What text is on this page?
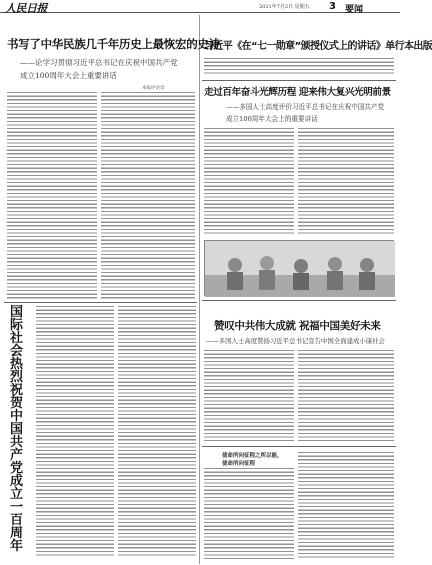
人民日报	2021年7月2日 星期五 3 要闻
书写了中华民族几千年历史上最恢宏的史诗
——论学习贯彻习近平总书记在庆祝中国共产党
成立100周年大会上重要讲话
本报评论员
国
际
社
会
热
烈
祝
贺
中
国
共
产
党
成
立
一
百
周
年
习近平《在“七一勋章”颁授仪式上的讲话》单行本出版
走过百年奋斗光辉历程 迎来伟大复兴光明前景
——多国人士高度评价习近平总书记在庆祝中国共产党
成立100周年大会上的重要讲话
赞叹中共伟大成就 祝福中国美好未来
——多国人士高度赞扬习近平总书记宣告中国全面建成小康社会
使命所向征程之所以能，
使命所向征程
